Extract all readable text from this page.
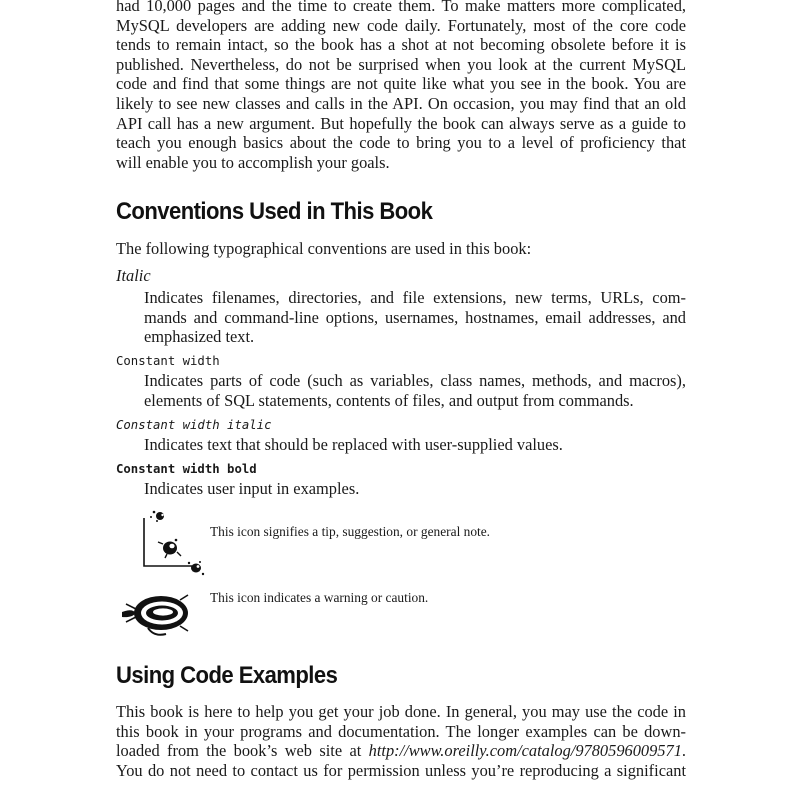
had 10,000 pages and the time to create them. To make matters more complicated,
MySQL developers are adding new code daily. Fortunately, most of the core code
tends to remain intact, so the book has a shot at not becoming obsolete before it is
published. Nevertheless, do not be surprised when you look at the current MySQL
code and find that some things are not quite like what you see in the book. You are
likely to see new classes and calls in the API. On occasion, you may find that an old
API call has a new argument. But hopefully the book can always serve as a guide to
teach you enough basics about the code to bring you to a level of proficiency that
will enable you to accomplish your goals.
Conventions Used in This Book
The following typographical conventions are used in this book:
Italic
Indicates filenames, directories, and file extensions, new terms, URLs, com-
mands and command-line options, usernames, hostnames, email addresses, and
emphasized text.
Constant width
Indicates parts of code (such as variables, class names, methods, and macros),
elements of SQL statements, contents of files, and output from commands.
Constant width italic
Indicates text that should be replaced with user-supplied values.
Constant width bold
Indicates user input in examples.
This icon signifies a tip, suggestion, or general note.
This icon indicates a warning or caution.
Using Code Examples
This book is here to help you get your job done. In general, you may use the code in
this book in your programs and documentation. The longer examples can be down-
loaded from the book’s web site at http://www.oreilly.com/catalog/9780596009571.
You do not need to contact us for permission unless you’re reproducing a significant
